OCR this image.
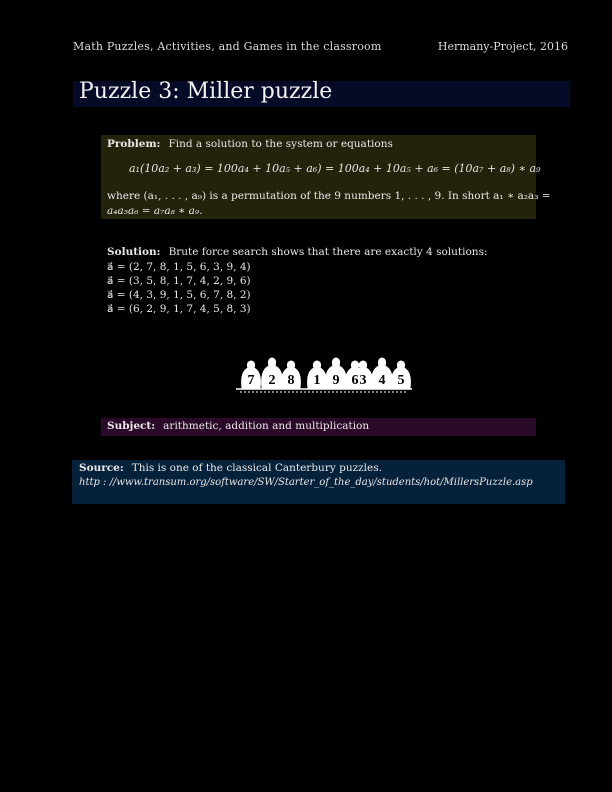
Math Puzzles, Activities, and Games in the classroom	Hermany-Project, 2016
Puzzle 3: Miller puzzle
Problem: Find a solution to the system or equations
a₁(10a₂ + a₃) = 100a₄ + 10a₅ + a₆) = 100a₄ + 10a₅ + a₆ = (10a₇ + a₈) ∗ a₉
where (a₁, . . . , a₉) is a permutation of the 9 numbers 1, . . . , 9. In short a₁ ∗ a₂a₃ =
a₄a₅a₆ = a₇a₈ ∗ a₉.
Solution: Brute force search shows that there are exactly 4 solutions:
a⃗ = (2, 7, 8, 1, 5, 6, 3, 9, 4)
a⃗ = (3, 5, 8, 1, 7, 4, 2, 9, 6)
a⃗ = (4, 3, 9, 1, 5, 6, 7, 8, 2)
a⃗ = (6, 2, 9, 1, 7, 4, 5, 8, 3)
7 2 8 1 9 6 3 4 5
Subject: arithmetic, addition and multiplication
Source: This is one of the classical Canterbury puzzles.
http : //www.transum.org/software/SW/Starter_of_the_day/students/hot/MillersPuzzle.asp
